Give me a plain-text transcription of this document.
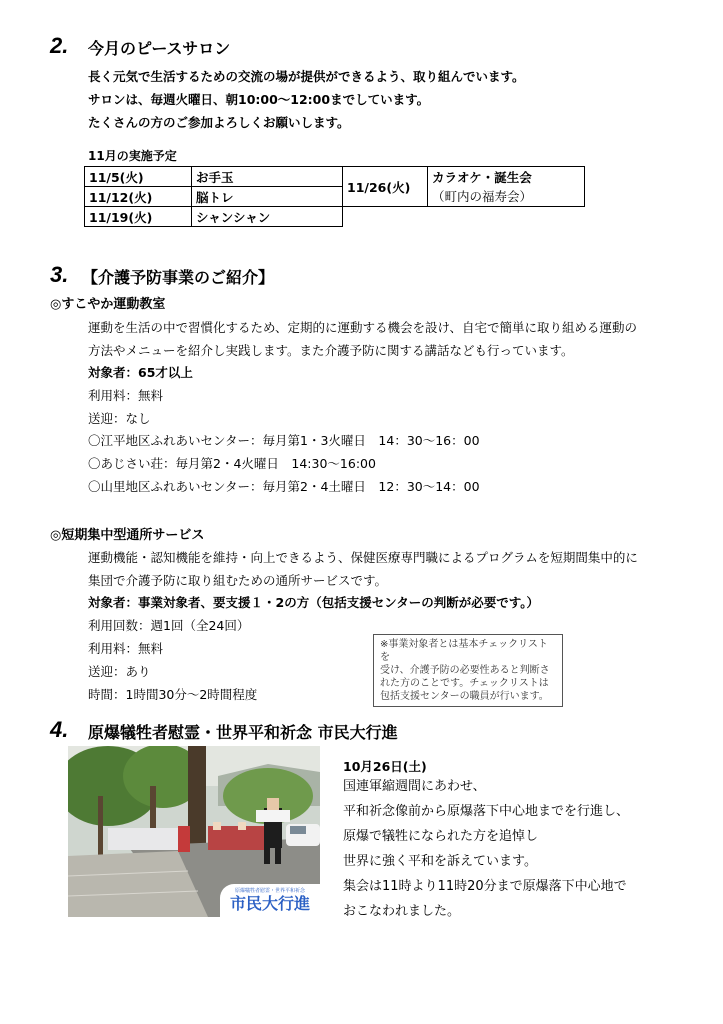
2. 今月のピースサロン
長く元気で生活するための交流の場が提供ができるよう、取り組んでいます。
サロンは、毎週火曜日、朝10:00～12:00までしています。
たくさんの方のご参加よろしくお願いします。
11月の実施予定
11/5(火)	お手玉	11/26(火)	カラオケ・誕生会
（町内の福寿会）

11/12(火)	脳トレ		
11/19(火)	シャンシャン		
3. 【介護予防事業のご紹介】
◎すこやか運動教室
運動を生活の中で習慣化するため、定期的に運動する機会を設け、自宅で簡単に取り組める運動の
方法やメニューを紹介し実践します。また介護予防に関する講話なども行っています。
対象者：65才以上
利用料：無料
送迎：なし
〇江平地区ふれあいセンター：毎月第1・3火曜日　14：30～16：00
〇あじさい荘：毎月第2・4火曜日　14:30～16:00
〇山里地区ふれあいセンター：毎月第2・4土曜日　12：30～14：00
◎短期集中型通所サービス
運動機能・認知機能を維持・向上できるよう、保健医療専門職によるプログラムを短期間集中的に
集団で介護予防に取り組むための通所サービスです。
対象者：事業対象者、要支援１・2の方（包括支援センターの判断が必要です。）
利用回数：週1回（全24回）
利用料：無料
送迎：あり
時間：1時間30分～2時間程度
※事業対象者とは基本チェックリストを
受け、介護予防の必要性あると判断さ
れた方のことです。チェックリストは
包括支援センターの職員が行います。
4. 原爆犠牲者慰霊・世界平和祈念 市民大行進
原爆犠牲者慰霊・世界平和祈念
市民大行進
10月26日(土)
国連軍縮週間にあわせ、
平和祈念像前から原爆落下中心地までを行進し、
原爆で犠牲になられた方を追悼し
世界に強く平和を訴えています。
集会は11時より11時20分まで原爆落下中心地で
おこなわれました。
